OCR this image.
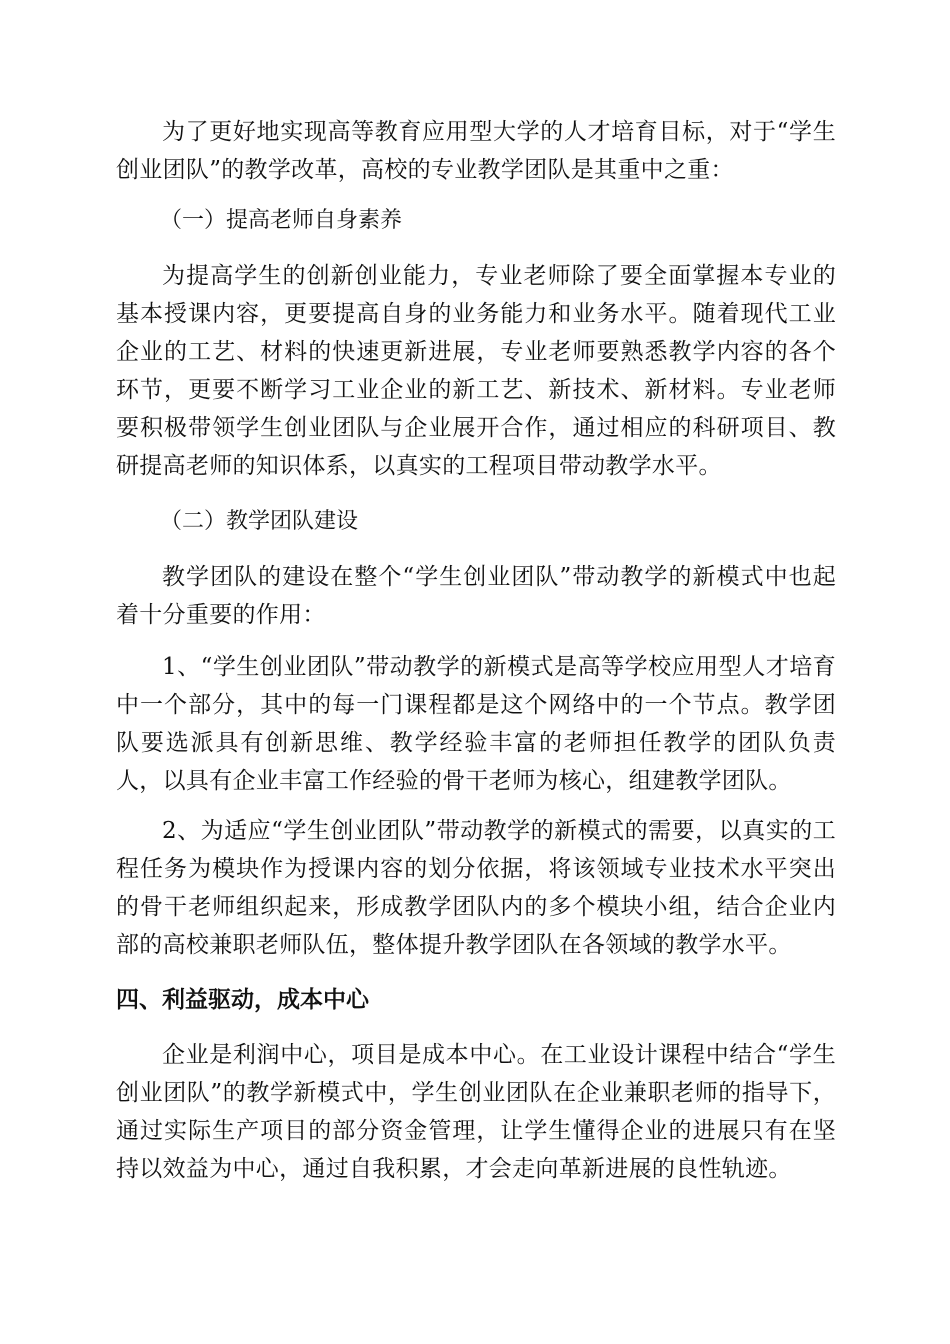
为了更好地实现高等教育应用型大学的人才培育目标，对于“学生创业团队”的教学改革，高校的专业教学团队是其重中之重：

（一）提高老师自身素养

为提高学生的创新创业能力，专业老师除了要全面掌握本专业的基本授课内容，更要提高自身的业务能力和业务水平。随着现代工业企业的工艺、材料的快速更新进展，专业老师要熟悉教学内容的各个环节，更要不断学习工业企业的新工艺、新技术、新材料。专业老师要积极带领学生创业团队与企业展开合作，通过相应的科研项目、教研提高老师的知识体系，以真实的工程项目带动教学水平。

（二）教学团队建设

教学团队的建设在整个“学生创业团队”带动教学的新模式中也起着十分重要的作用：

1、“学生创业团队”带动教学的新模式是高等学校应用型人才培育中一个部分，其中的每一门课程都是这个网络中的一个节点。教学团队要选派具有创新思维、教学经验丰富的老师担任教学的团队负责人，以具有企业丰富工作经验的骨干老师为核心，组建教学团队。

2、为适应“学生创业团队”带动教学的新模式的需要，以真实的工程任务为模块作为授课内容的划分依据，将该领域专业技术水平突出的骨干老师组织起来，形成教学团队内的多个模块小组，结合企业内部的高校兼职老师队伍，整体提升教学团队在各领域的教学水平。

四、利益驱动，成本中心

企业是利润中心，项目是成本中心。在工业设计课程中结合“学生创业团队”的教学新模式中，学生创业团队在企业兼职老师的指导下，通过实际生产项目的部分资金管理，让学生懂得企业的进展只有在坚持以效益为中心，通过自我积累，才会走向革新进展的良性轨迹。
